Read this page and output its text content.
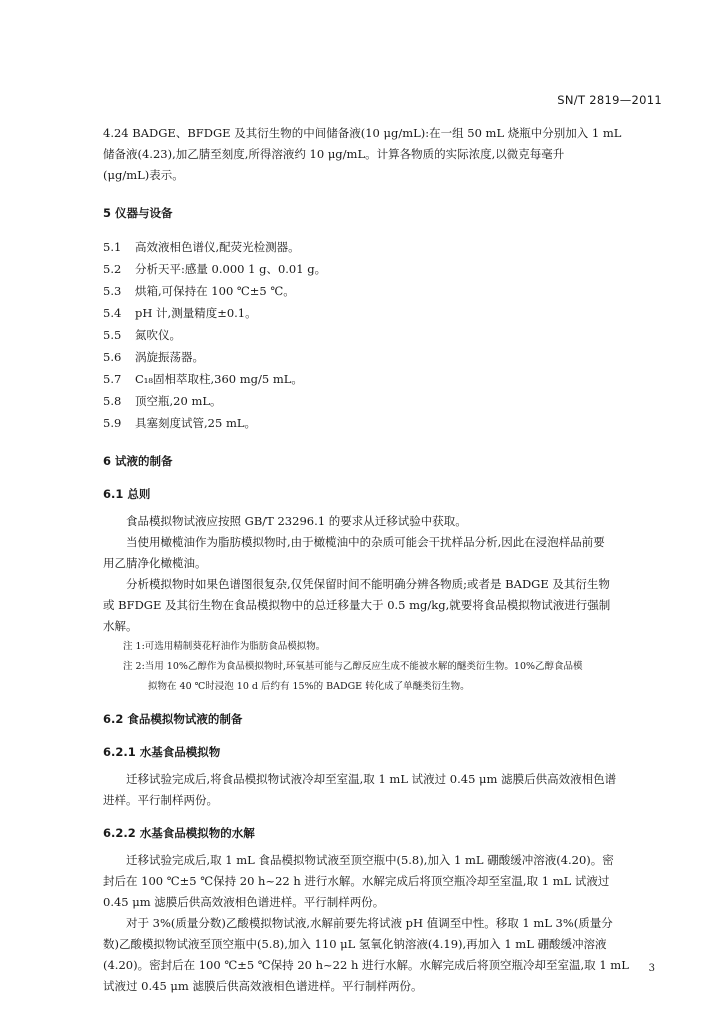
SN/T 2819—2011

4.24 BADGE、BFDGE 及其衍生物的中间储备液(10 μg/mL):在一组 50 mL 烧瓶中分别加入 1 mL

储备液(4.23),加乙腈至刻度,所得溶液约 10 μg/mL。计算各物质的实际浓度,以微克每毫升

(μg/mL)表示。

5 仪器与设备
5.1 高效液相色谱仪,配荧光检测器。
5.2 分析天平:感量 0.000 1 g、0.01 g。
5.3 烘箱,可保持在 100 ℃±5 ℃。
5.4 pH 计,测量精度±0.1。
5.5 氮吹仪。
5.6 涡旋振荡器。
5.7 C₁₈固相萃取柱,360 mg/5 mL。
5.8 顶空瓶,20 mL。
5.9 具塞刻度试管,25 mL。
6 试液的制备
6.1 总则

食品模拟物试液应按照 GB/T 23296.1 的要求从迁移试验中获取。

当使用橄榄油作为脂肪模拟物时,由于橄榄油中的杂质可能会干扰样品分析,因此在浸泡样品前要

用乙腈净化橄榄油。

分析模拟物时如果色谱图很复杂,仅凭保留时间不能明确分辨各物质;或者是 BADGE 及其衍生物

或 BFDGE 及其衍生物在食品模拟物中的总迁移量大于 0.5 mg/kg,就要将食品模拟物试液进行强制

水解。

注 1:可选用精制葵花籽油作为脂肪食品模拟物。
注 2:当用 10%乙醇作为食品模拟物时,环氧基可能与乙醇反应生成不能被水解的醚类衍生物。10%乙醇食品模
拟物在 40 ℃时浸泡 10 d 后约有 15%的 BADGE 转化成了单醚类衍生物。
6.2 食品模拟物试液的制备
6.2.1 水基食品模拟物

迁移试验完成后,将食品模拟物试液冷却至室温,取 1 mL 试液过 0.45 μm 滤膜后供高效液相色谱

进样。平行制样两份。

6.2.2 水基食品模拟物的水解

迁移试验完成后,取 1 mL 食品模拟物试液至顶空瓶中(5.8),加入 1 mL 硼酸缓冲溶液(4.20)。密

封后在 100 ℃±5 ℃保持 20 h~22 h 进行水解。水解完成后将顶空瓶冷却至室温,取 1 mL 试液过

0.45 μm 滤膜后供高效液相色谱进样。平行制样两份。

对于 3%(质量分数)乙酸模拟物试液,水解前要先将试液 pH 值调至中性。移取 1 mL 3%(质量分

数)乙酸模拟物试液至顶空瓶中(5.8),加入 110 μL 氢氧化钠溶液(4.19),再加入 1 mL 硼酸缓冲溶液

(4.20)。密封后在 100 ℃±5 ℃保持 20 h~22 h 进行水解。水解完成后将顶空瓶冷却至室温,取 1 mL

试液过 0.45 μm 滤膜后供高效液相色谱进样。平行制样两份。

3
